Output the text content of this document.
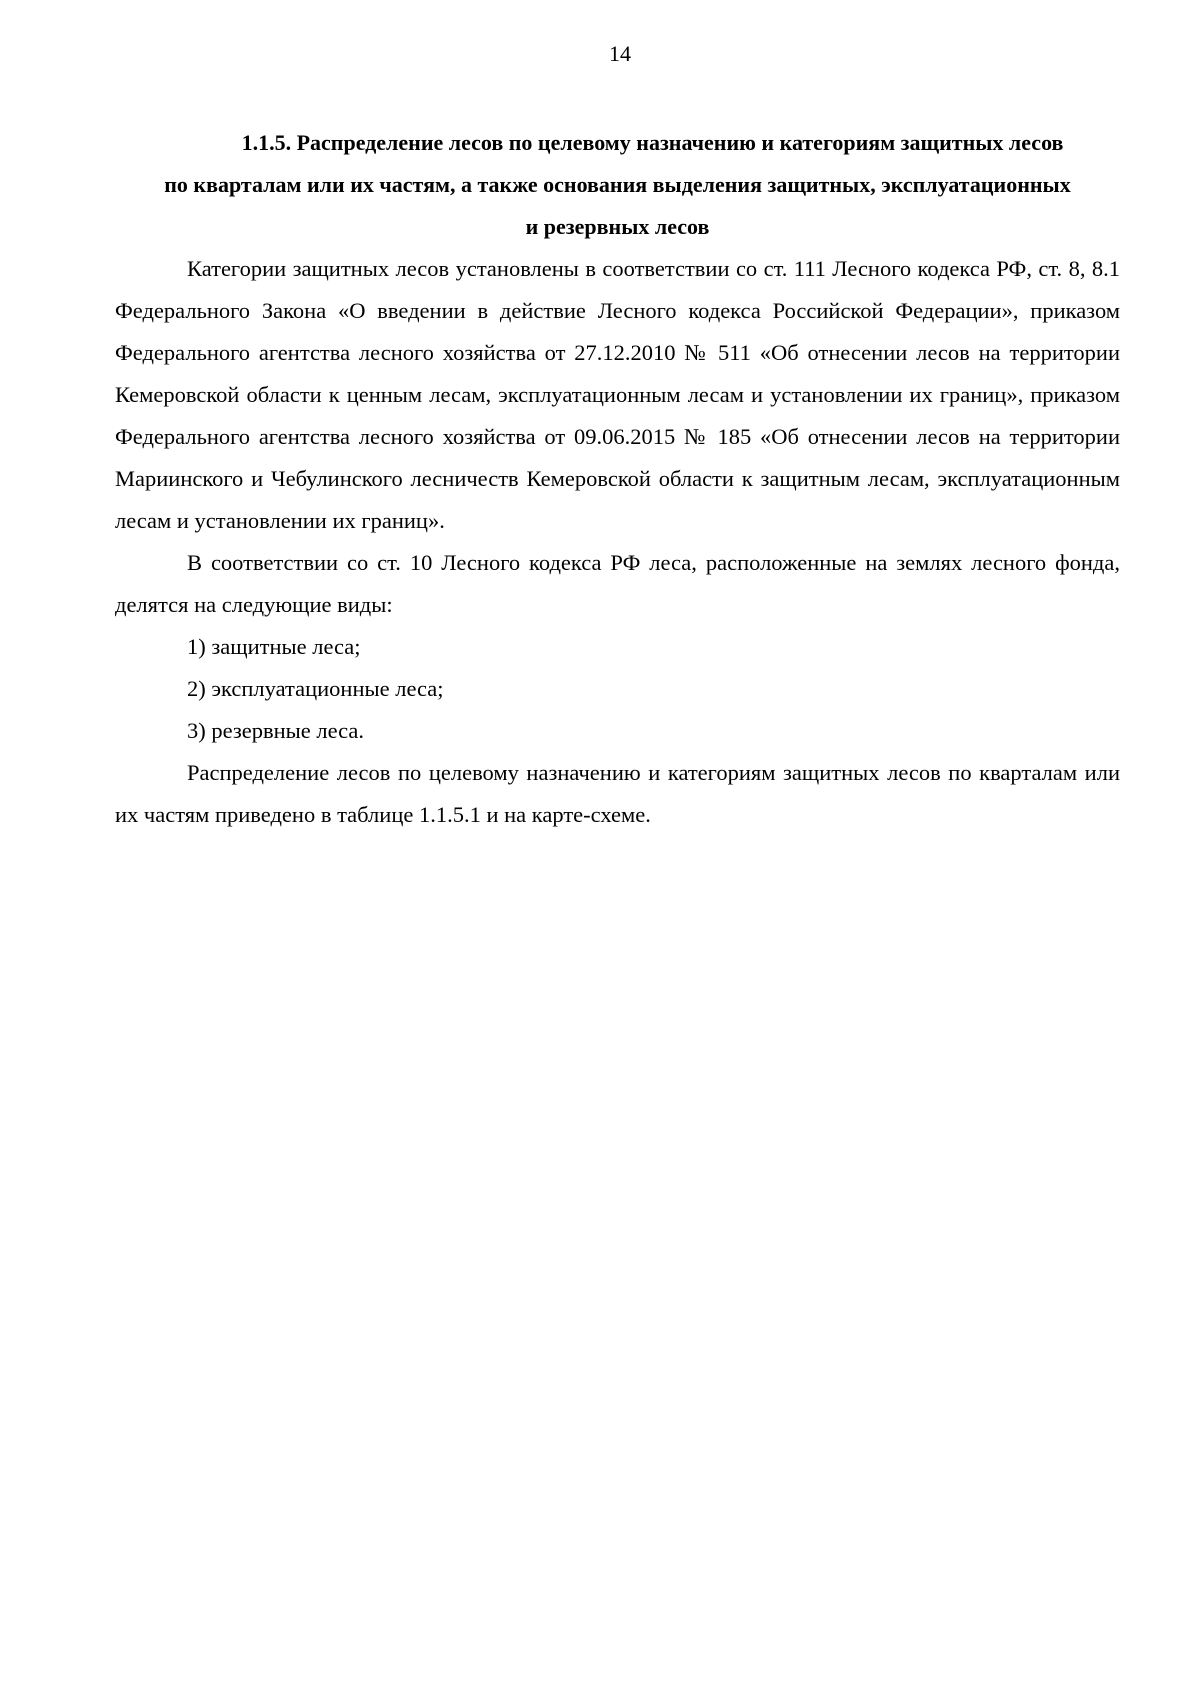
14
1.1.5. Распределение лесов по целевому назначению и категориям защитных лесов
по кварталам или их частям, а также основания выделения защитных, эксплуатационных
и резервных лесов

Категории защитных лесов установлены в соответствии со ст. 111 Лесного кодекса РФ, ст. 8, 8.1 Федерального Закона «О введении в действие Лесного кодекса Российской Федерации», приказом Федерального агентства лесного хозяйства от 27.12.2010 № 511 «Об отнесении лесов на территории Кемеровской области к ценным лесам, эксплуатационным лесам и установлении их границ», приказом Федерального агентства лесного хозяйства от 09.06.2015 № 185 «Об отнесении лесов на территории Мариинского и Чебулинского лесничеств Кемеровской области к защитным лесам, эксплуатационным лесам и установлении их границ».

В соответствии со ст. 10 Лесного кодекса РФ леса, расположенные на землях лесного фонда, делятся на следующие виды:

1) защитные леса;

2) эксплуатационные леса;

3) резервные леса.

Распределение лесов по целевому назначению и категориям защитных лесов по кварталам или их частям приведено в таблице 1.1.5.1 и на карте-схеме.
